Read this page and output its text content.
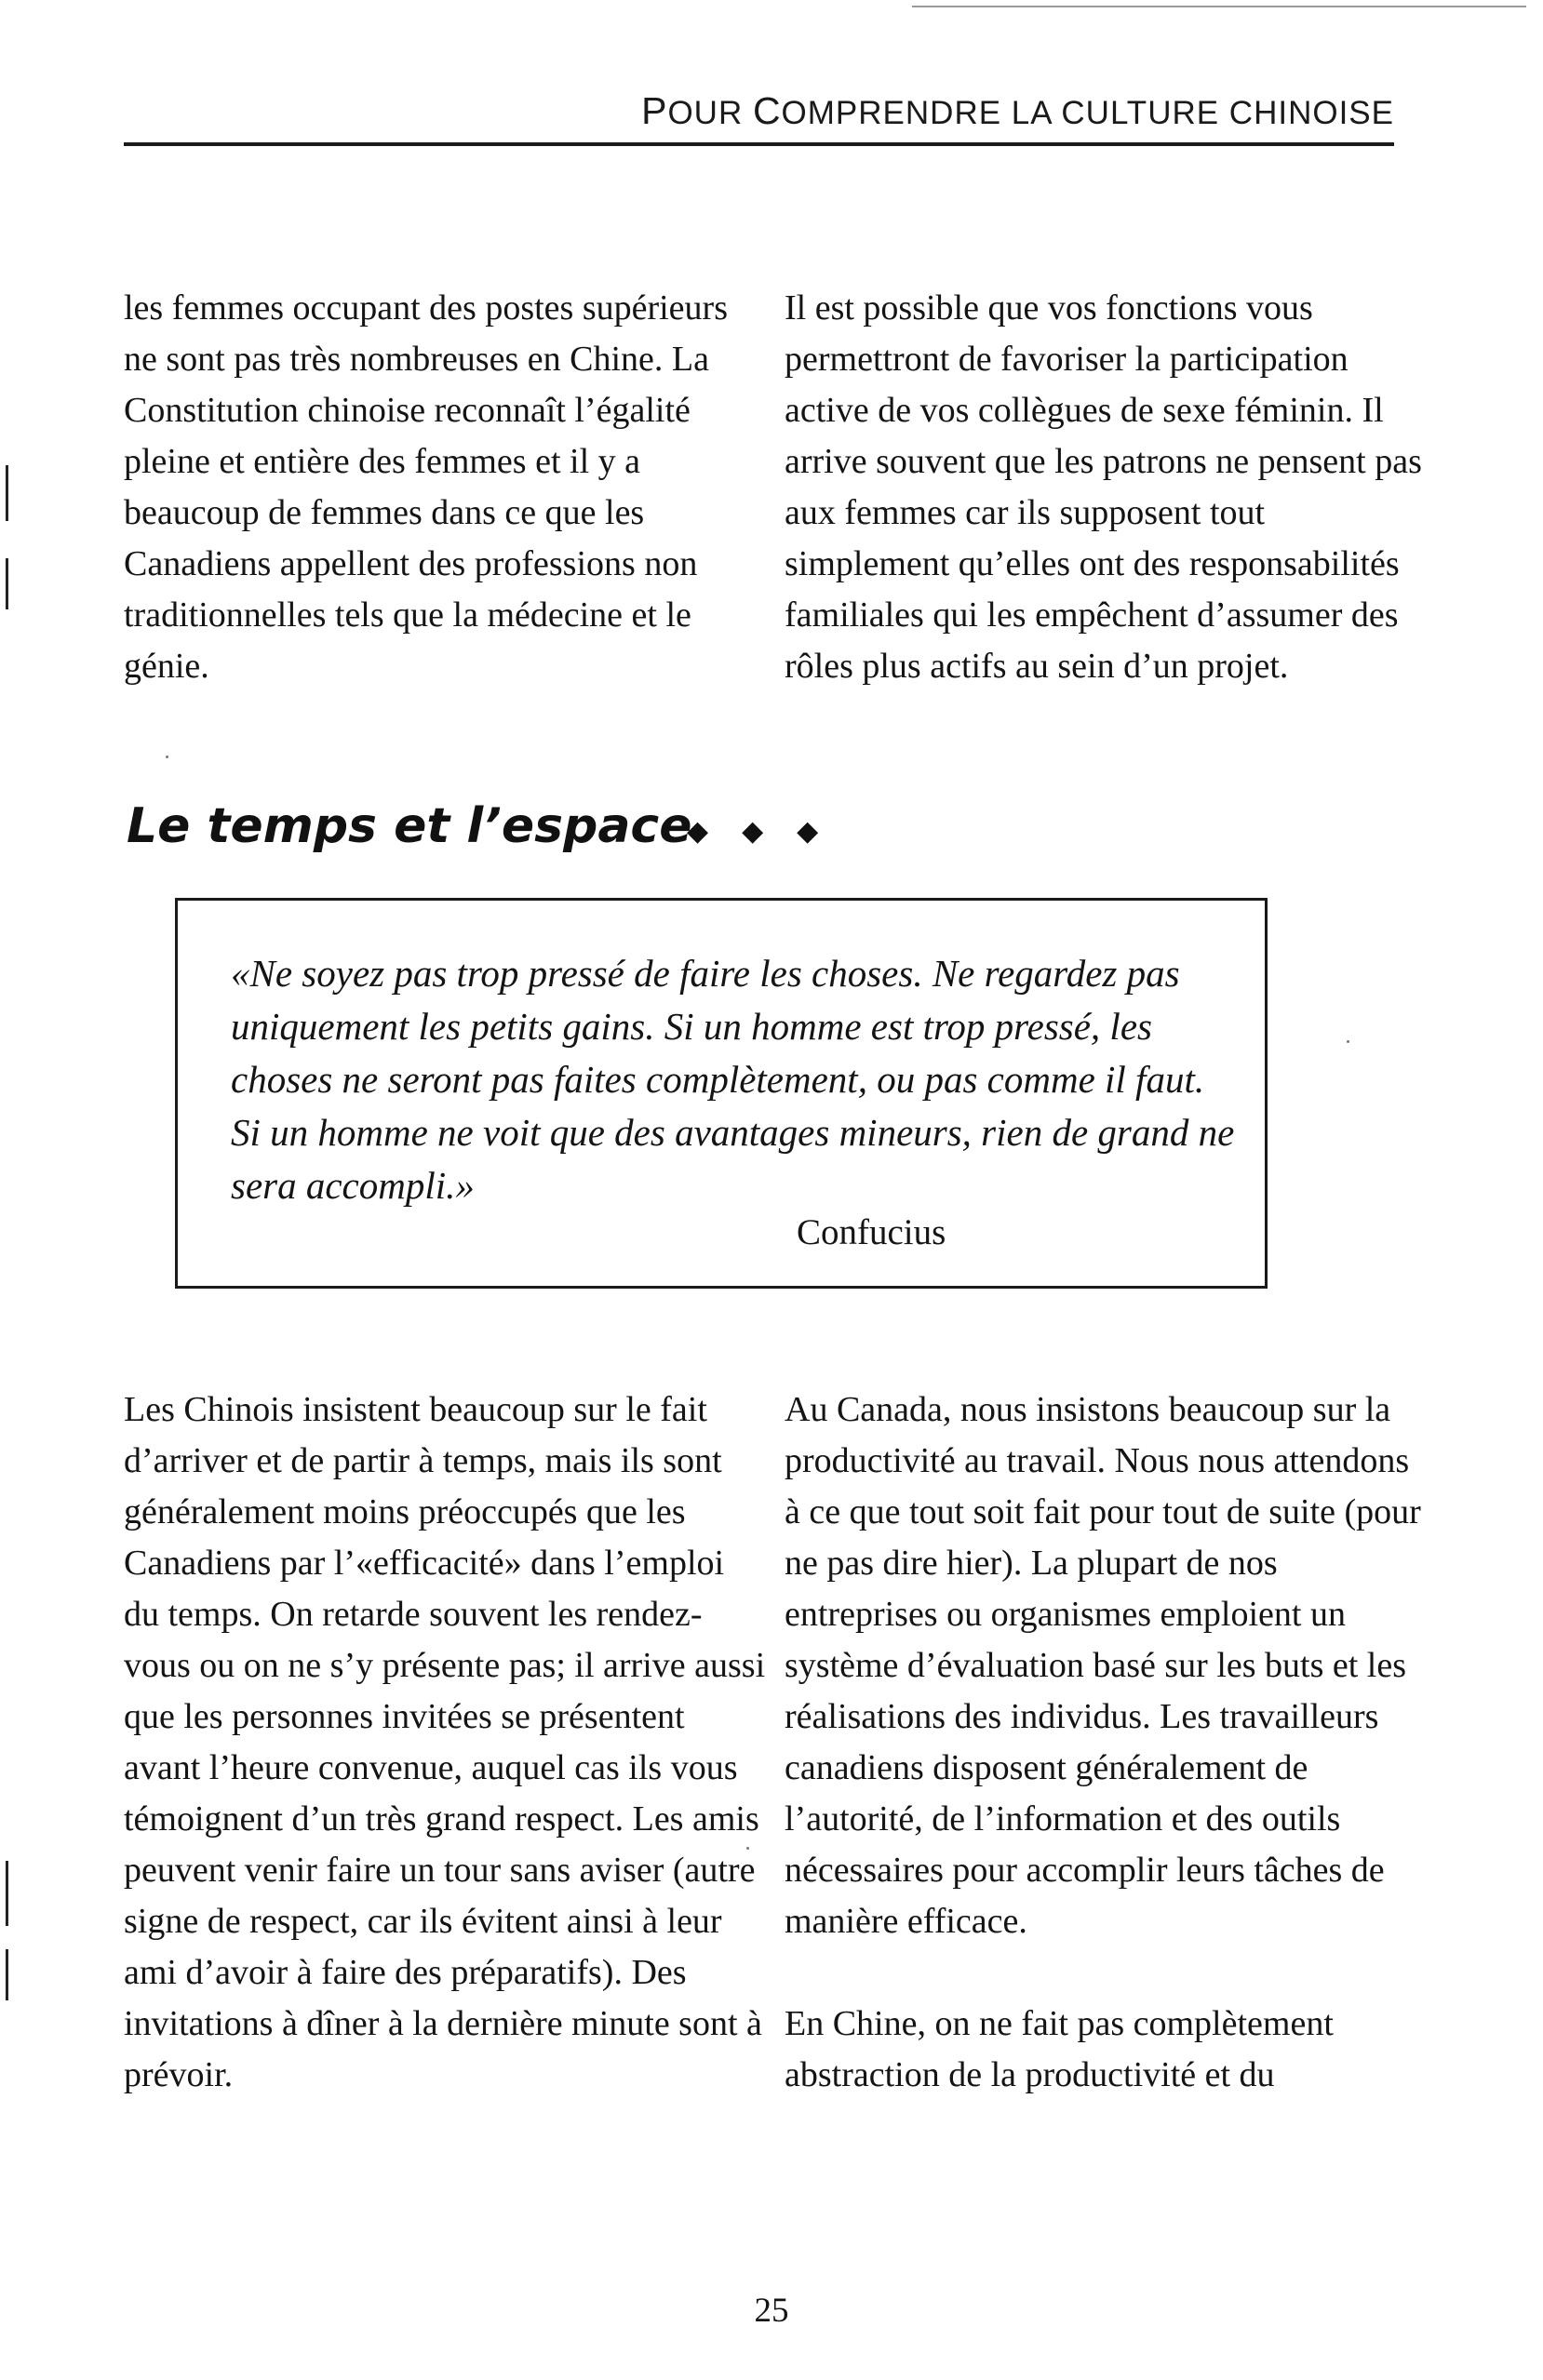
POUR COMPRENDRE LA CULTURE CHINOISE

les femmes occupant des postes supérieurs ne sont pas très nombreuses en Chine. La Constitution chinoise reconnaît l’égalité pleine et entière des femmes et il y a beaucoup de femmes dans ce que les Canadiens appellent des professions non traditionnelles tels que la médecine et le génie.

Il est possible que vos fonctions vous permettront de favoriser la participation active de vos collègues de sexe féminin. Il arrive souvent que les patrons ne pensent pas aux femmes car ils supposent tout simplement qu’elles ont des responsabilités familiales qui les empêchent d’assumer des rôles plus actifs au sein d’un projet.

Le temps et l’espace
◆◆◆

«Ne soyez pas trop pressé de faire les choses. Ne regardez pas uniquement les petits gains. Si un homme est trop pressé, les choses ne seront pas faites complètement, ou pas comme il faut. Si un homme ne voit que des avantages mineurs, rien de grand ne sera accompli.»

Confucius

Les Chinois insistent beaucoup sur le fait d’arriver et de partir à temps, mais ils sont généralement moins préoccupés que les Canadiens par l’«efficacité» dans l’emploi du temps. On retarde souvent les rendez-vous ou on ne s’y présente pas; il arrive aussi que les personnes invitées se présentent avant l’heure convenue, auquel cas ils vous témoignent d’un très grand respect. Les amis peuvent venir faire un tour sans aviser (autre signe de respect, car ils évitent ainsi à leur ami d’avoir à faire des préparatifs). Des invitations à dîner à la dernière minute sont à prévoir.

Au Canada, nous insistons beaucoup sur la productivité au travail. Nous nous attendons à ce que tout soit fait pour tout de suite (pour ne pas dire hier). La plupart de nos entreprises ou organismes emploient un système d’évaluation basé sur les buts et les réalisations des individus. Les travailleurs canadiens disposent généralement de l’autorité, de l’information et des outils nécessaires pour accomplir leurs tâches de manière efficace.

En Chine, on ne fait pas complètement abstraction de la productivité et du

25
